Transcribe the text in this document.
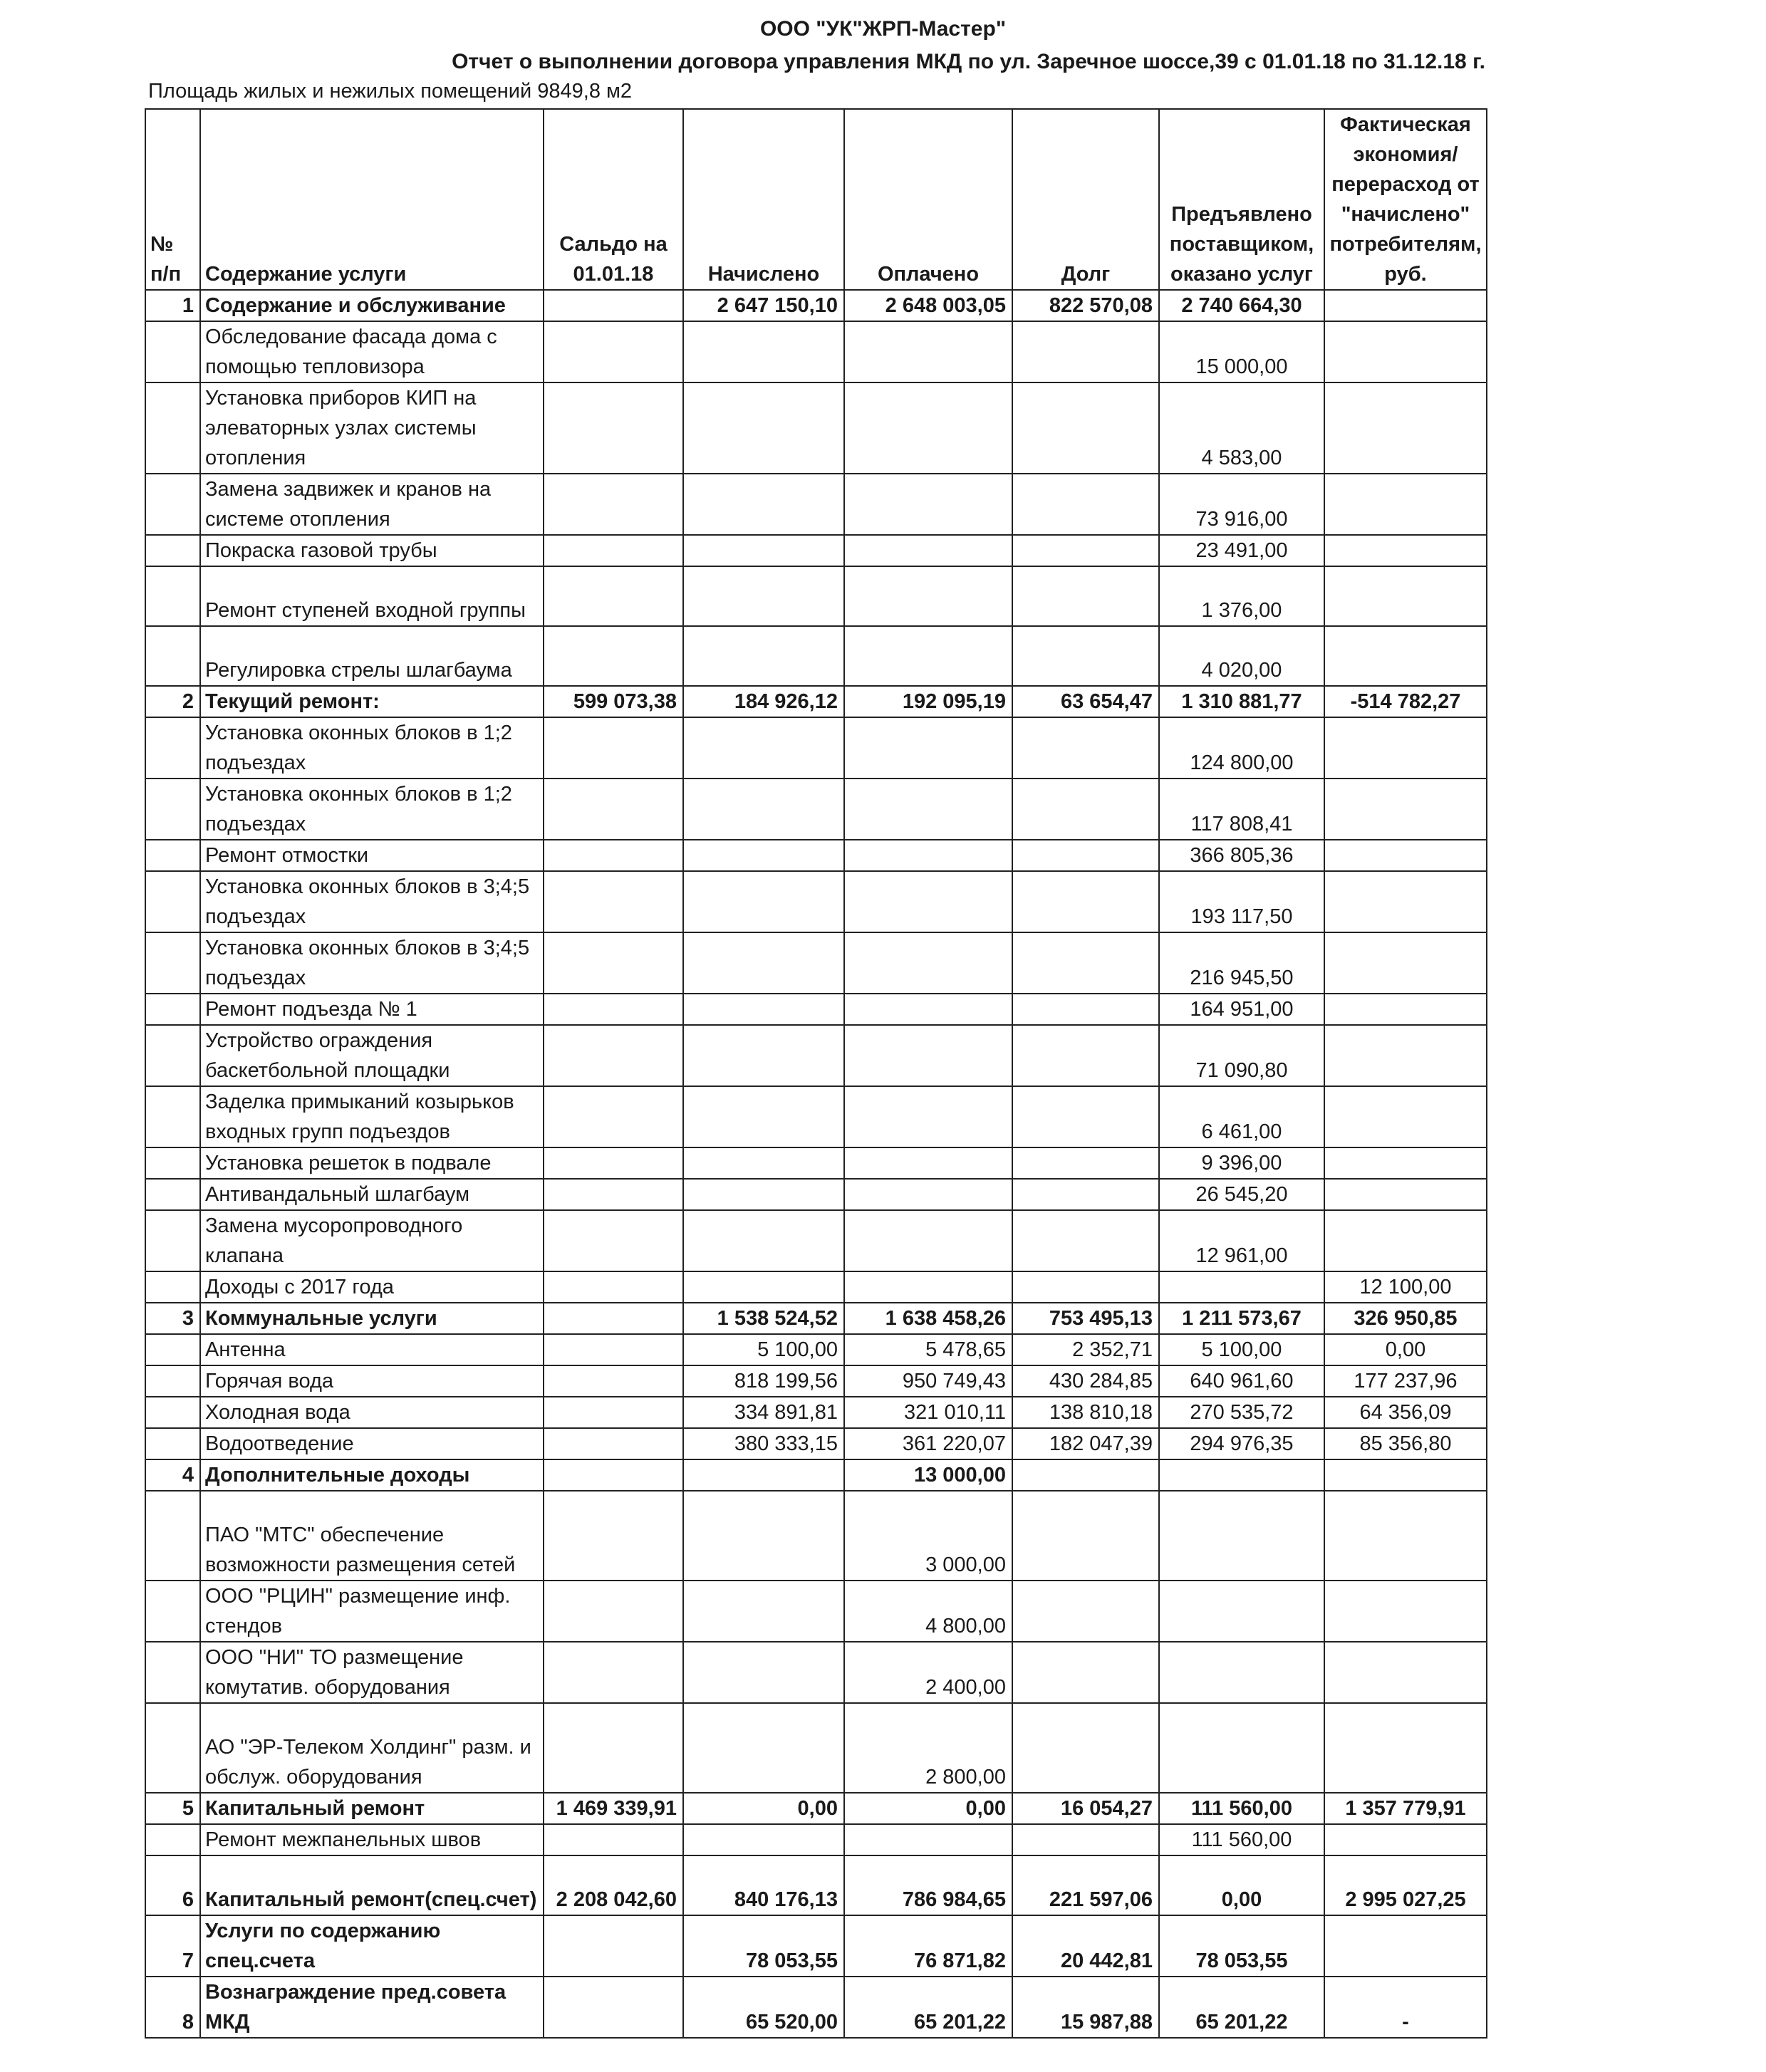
ООО "УК"ЖРП-Мастер"
Отчет о выполнении договора управления МКД по ул. Заречное шоссе,39 с 01.01.18 по 31.12.18 г.
Площадь жилых и нежилых помещений 9849,8 м2
№ п/п	Содержание услуги	Сальдо на 01.01.18	Начислено	Оплачено	Долг	Предъявлено поставщиком, оказано услуг	Фактическая экономия/перерасход от "начислено" потребителям, руб.
1	Содержание и обслуживание		2 647 150,10	2 648 003,05	822 570,08	2 740 664,30	
	Обследование фасада дома с помощью тепловизора					15 000,00	
	Установка приборов КИП на элеваторных узлах системы отопления					4 583,00	
	Замена задвижек и кранов на системе отопления					73 916,00	
	Покраска газовой трубы					23 491,00	
	Ремонт ступеней входной группы					1 376,00	
	Регулировка стрелы шлагбаума					4 020,00	
2	Текущий ремонт:	599 073,38	184 926,12	192 095,19	63 654,47	1 310 881,77	-514 782,27
	Установка оконных блоков в 1;2 подъездах					124 800,00	
	Установка оконных блоков в 1;2 подъездах					117 808,41	
	Ремонт отмостки					366 805,36	
	Установка оконных блоков в 3;4;5 подъездах					193 117,50	
	Установка оконных блоков в 3;4;5 подъездах					216 945,50	
	Ремонт подъезда № 1					164 951,00	
	Устройство ограждения баскетбольной площадки					71 090,80	
	Заделка примыканий козырьков входных групп подъездов					6 461,00	
	Установка решеток в подвале					9 396,00	
	Антивандальный шлагбаум					26 545,20	
	Замена мусоропроводного клапана					12 961,00	
	Доходы с 2017 года						12 100,00
3	Коммунальные услуги		1 538 524,52	1 638 458,26	753 495,13	1 211 573,67	326 950,85
	Антенна		5 100,00	5 478,65	2 352,71	5 100,00	0,00
	Горячая вода		818 199,56	950 749,43	430 284,85	640 961,60	177 237,96
	Холодная вода		334 891,81	321 010,11	138 810,18	270 535,72	64 356,09
	Водоотведение		380 333,15	361 220,07	182 047,39	294 976,35	85 356,80
4	Дополнительные доходы			13 000,00			
	ПАО "МТС" обеспечение возможности размещения сетей			3 000,00			
	ООО "РЦИН" размещение инф. стендов			4 800,00			
	ООО "НИ" ТО размещение комутатив. оборудования			2 400,00			
	АО "ЭР-Телеком Холдинг" разм. и обслуж. оборудования			2 800,00			
5	Капитальный ремонт	1 469 339,91	0,00	0,00	16 054,27	111 560,00	1 357 779,91
	Ремонт межпанельных швов					111 560,00	
6	Капитальный ремонт(спец.счет)	2 208 042,60	840 176,13	786 984,65	221 597,06	0,00	2 995 027,25
7	Услуги по содержанию спец.счета		78 053,55	76 871,82	20 442,81	78 053,55	
8	Вознаграждение пред.совета МКД		65 520,00	65 201,22	15 987,88	65 201,22	-
